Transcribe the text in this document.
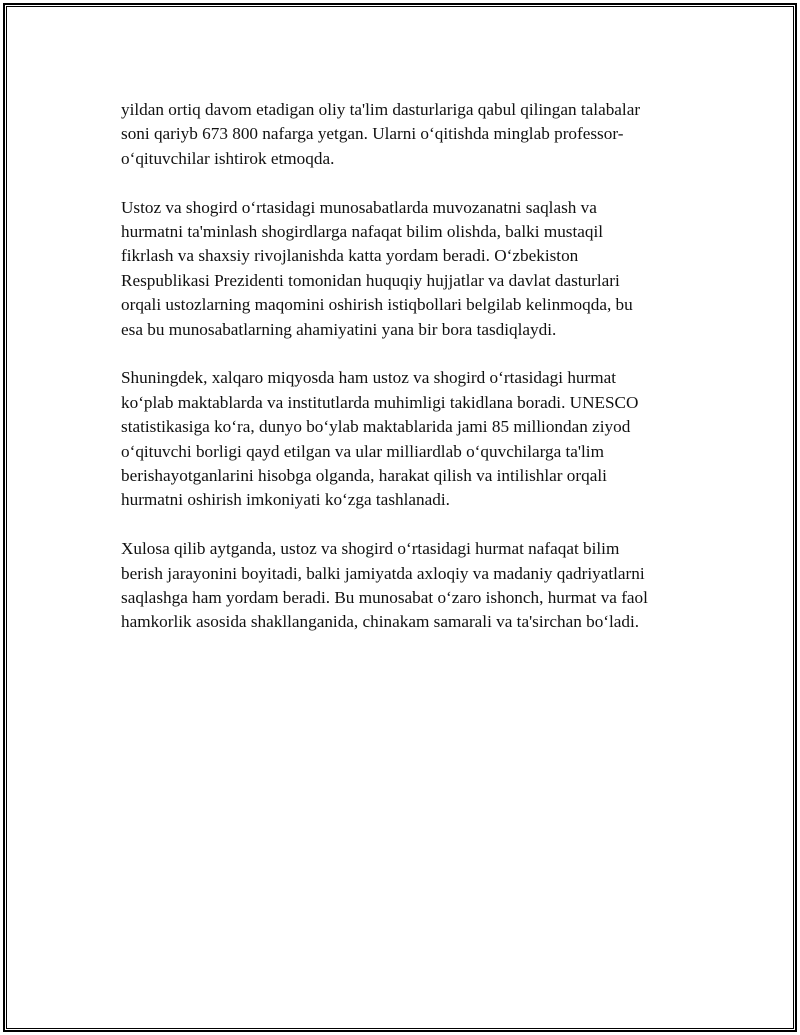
yildan ortiq davom etadigan oliy ta'lim dasturlariga qabul qilingan talabalar
soni qariyb 673 800 nafarga yetgan. Ularni o‘qitishda minglab professor-
o‘qituvchilar ishtirok etmoqda.

Ustoz va shogird o‘rtasidagi munosabatlarda muvozanatni saqlash va
hurmatni ta'minlash shogirdlarga nafaqat bilim olishda, balki mustaqil
fikrlash va shaxsiy rivojlanishda katta yordam beradi. O‘zbekiston
Respublikasi Prezidenti tomonidan huquqiy hujjatlar va davlat dasturlari
orqali ustozlarning maqomini oshirish istiqbollari belgilab kelinmoqda, bu
esa bu munosabatlarning ahamiyatini yana bir bora tasdiqlaydi.

Shuningdek, xalqaro miqyosda ham ustoz va shogird o‘rtasidagi hurmat
ko‘plab maktablarda va institutlarda muhimligi takidlana boradi. UNESCO
statistikasiga ko‘ra, dunyo bo‘ylab maktablarida jami 85 milliondan ziyod
o‘qituvchi borligi qayd etilgan va ular milliardlab o‘quvchilarga ta'lim
berishayotganlarini hisobga olganda, harakat qilish va intilishlar orqali
hurmatni oshirish imkoniyati ko‘zga tashlanadi.

Xulosa qilib aytganda, ustoz va shogird o‘rtasidagi hurmat nafaqat bilim
berish jarayonini boyitadi, balki jamiyatda axloqiy va madaniy qadriyatlarni
saqlashga ham yordam beradi. Bu munosabat o‘zaro ishonch, hurmat va faol
hamkorlik asosida shakllanganida, chinakam samarali va ta'sirchan bo‘ladi.
